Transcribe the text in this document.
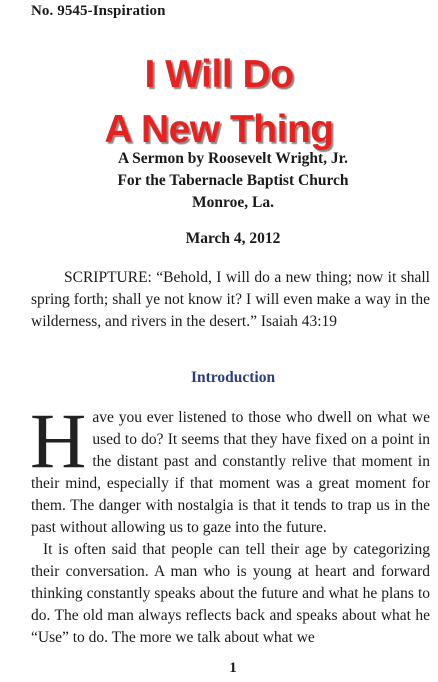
No. 9545-Inspiration
I Will Do
A New Thing
A Sermon by Roosevelt Wright, Jr.
For the Tabernacle Baptist Church
Monroe, La.
March 4, 2012

SCRIPTURE: “Behold, I will do a new thing; now it shall spring forth; shall ye not know it? I will even make a way in the wilderness, and rivers in the desert.” Isaiah 43:19

Introduction

Have you ever listened to those who dwell on what we used to do? It seems that they have fixed on a point in the distant past and constantly relive that moment in their mind, especially if that moment was a great moment for them. The danger with nostalgia is that it tends to trap us in the past without allowing us to gaze into the future.

It is often said that people can tell their age by categorizing their conversation. A man who is young at heart and forward thinking constantly speaks about the future and what he plans to do. The old man always reflects back and speaks about what he “Use” to do. The more we talk about what we

1
